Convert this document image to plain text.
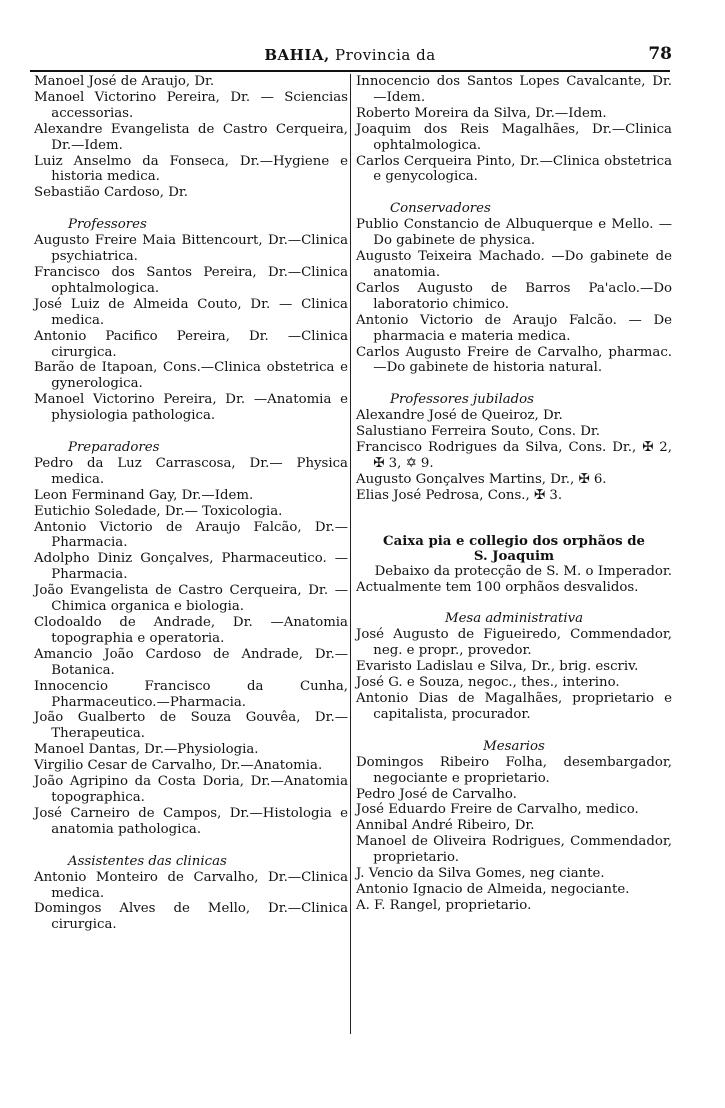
BAHIA, Provincia da	78
Manoel José de Araujo, Dr.
Manoel Victorino Pereira, Dr. — Sciencias accessorias.
Alexandre Evangelista de Castro Cerqueira, Dr.—Idem.
Luiz Anselmo da Fonseca, Dr.—Hygiene e historia medica.
Sebastião Cardoso, Dr.
Professores
Augusto Freire Maia Bittencourt, Dr.—Clinica psychiatrica.
Francisco dos Santos Pereira, Dr.—Clinica ophtalmologica.
José Luiz de Almeida Couto, Dr. — Clinica medica.
Antonio Pacifico Pereira, Dr. —Clinica cirurgica.
Barão de Itapoan, Cons.—Clinica obstetrica e gynerologica.
Manoel Victorino Pereira, Dr. —Anatomia e physiologia pathologica.
Preparadores
Pedro da Luz Carrascosa, Dr.— Physica medica.
Leon Ferminand Gay, Dr.—Idem.
Eutichio Soledade, Dr.— Toxicologia.
Antonio Victorio de Araujo Falcão, Dr.— Pharmacia.
Adolpho Diniz Gonçalves, Pharmaceutico. —Pharmacia.
João Evangelista de Castro Cerqueira, Dr. —Chimica organica e biologia.
Clodoaldo de Andrade, Dr. —Anatomia topographia e operatoria.
Amancio João Cardoso de Andrade, Dr.— Botanica.
Innocencio Francisco da Cunha, Pharmaceutico.—Pharmacia.
João Gualberto de Souza Gouvêa, Dr.—Therapeutica.
Manoel Dantas, Dr.—Physiologia.
Virgilio Cesar de Carvalho, Dr.—Anatomia.
João Agripino da Costa Doria, Dr.—Anatomia topographica.
José Carneiro de Campos, Dr.—Histologia e anatomia pathologica.
Assistentes das clinicas
Antonio Monteiro de Carvalho, Dr.—Clinica medica.
Domingos Alves de Mello, Dr.—Clinica cirurgica.
Innocencio dos Santos Lopes Cavalcante, Dr.—Idem.
Roberto Moreira da Silva, Dr.—Idem.
Joaquim dos Reis Magalhães, Dr.—Clinica ophtalmologica.
Carlos Cerqueira Pinto, Dr.—Clinica obstetrica e genycologica.
Conservadores
Publio Constancio de Albuquerque e Mello. —Do gabinete de physica.
Augusto Teixeira Machado. —Do gabinete de anatomia.
Carlos Augusto de Barros Pa'aclo.—Do laboratorio chimico.
Antonio Victorio de Araujo Falcão. — De pharmacia e materia medica.
Carlos Augusto Freire de Carvalho, pharmac. —Do gabinete de historia natural.
Professores jubilados
Alexandre José de Queiroz, Dr.
Salustiano Ferreira Souto, Cons. Dr.
Francisco Rodrigues da Silva, Cons. Dr., ✠ 2, ✠ 3, ✡ 9.
Augusto Gonçalves Martins, Dr., ✠ 6.
Elias José Pedrosa, Cons., ✠ 3.
Caixa pia e collegio dos orphãos de
S. Joaquim
Debaixo da protecção de S. M. o Imperador. Actualmente tem 100 orphãos desvalidos.
Mesa administrativa
José Augusto de Figueiredo, Commendador, neg. e propr., provedor.
Evaristo Ladislau e Silva, Dr., brig. escriv.
José G. e Souza, negoc., thes., interino.
Antonio Dias de Magalhães, proprietario e capitalista, procurador.
Mesarios
Domingos Ribeiro Folha, desembargador, negociante e proprietario.
Pedro José de Carvalho.
José Eduardo Freire de Carvalho, medico.
Annibal André Ribeiro, Dr.
Manoel de Oliveira Rodrigues, Commendador, proprietario.
J. Vencio da Silva Gomes, neg ciante.
Antonio Ignacio de Almeida, negociante.
A. F. Rangel, proprietario.
